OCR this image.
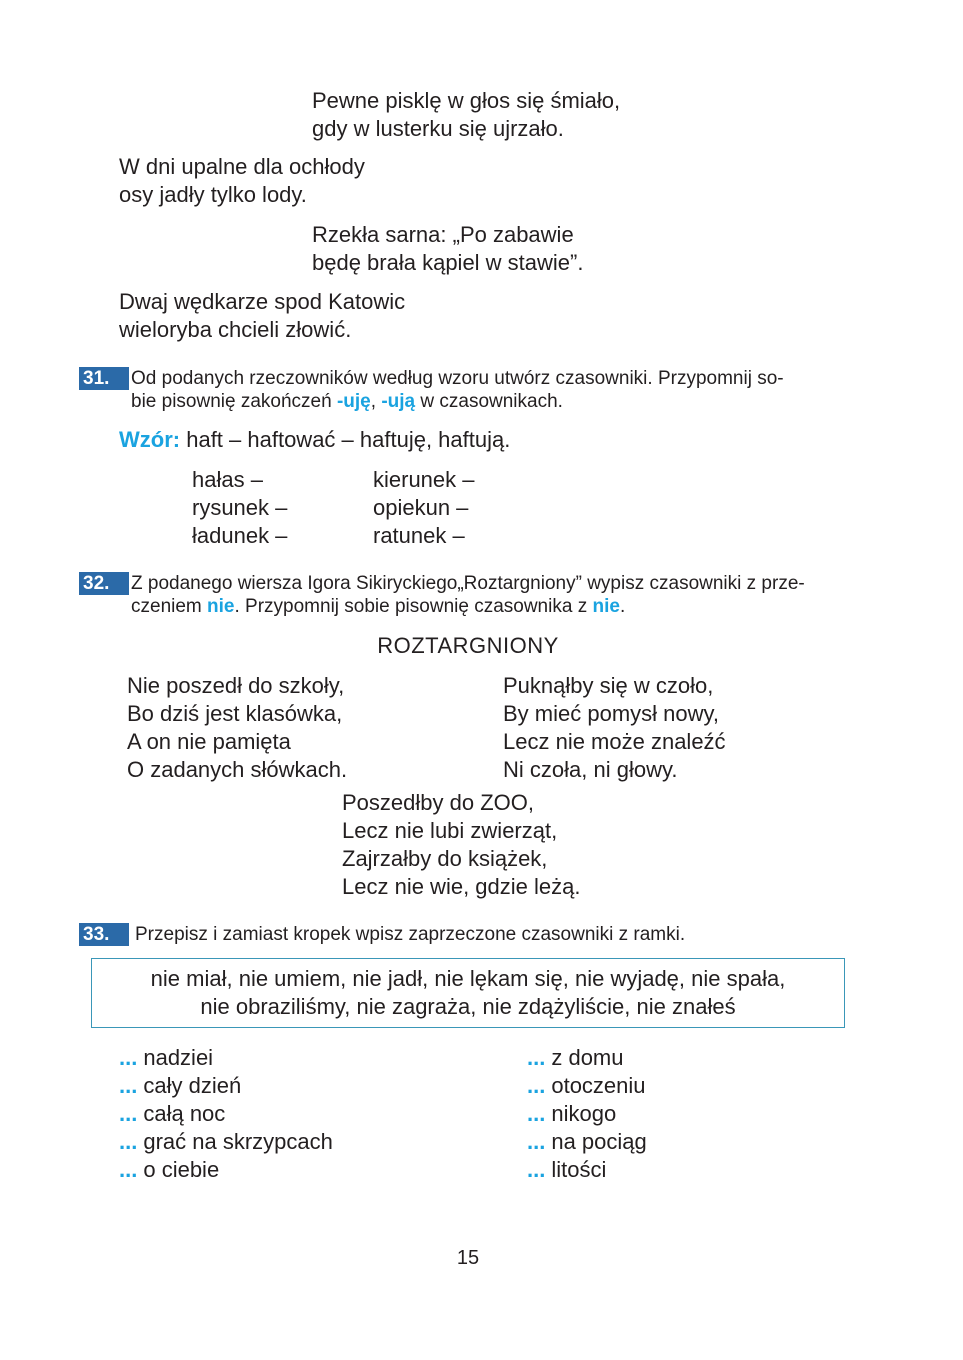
Pewne pisklę w głos się śmiało,
gdy w lusterku się ujrzało.
W dni upalne dla ochłody
osy jadły tylko lody.
Rzekła sarna: „Po zabawie
będę brała kąpiel w stawie”.
Dwaj wędkarze spod Katowic
wieloryba chcieli złowić.
31.	Od podanych rzeczowników według wzoru utwórz czasowniki. Przypomnij so-
bie pisownię zakończeń -uję, -ują w czasownikach.
Wzór: haft – haftować – haftuję, haftują.
hałas –
rysunek –
ładunek –
kierunek –
opiekun –
ratunek –
32.	Z podanego wiersza Igora Sikiryckiego„Roztargniony” wypisz czasowniki z prze-
czeniem nie. Przypomnij sobie pisownię czasownika z nie.
ROZTARGNIONY
Nie poszedł do szkoły,
Bo dziś jest klasówka,
A on nie pamięta
O zadanych słówkach.
Puknąłby się w czoło,
By mieć pomysł nowy,
Lecz nie może znaleźć
Ni czoła, ni głowy.
Poszedłby do ZOO,
Lecz nie lubi zwierząt,
Zajrzałby do książek,
Lecz nie wie, gdzie leżą.
33.	Przepisz i zamiast kropek wpisz zaprzeczone czasowniki z ramki.
nie miał, nie umiem, nie jadł, nie lękam się, nie wyjadę, nie spała,
nie obraziliśmy, nie zagraża, nie zdążyliście, nie znałeś
... nadziei
... cały dzień
... całą noc
... grać na skrzypcach
... o ciebie
... z domu
... otoczeniu
... nikogo
... na pociąg
... litości
15
